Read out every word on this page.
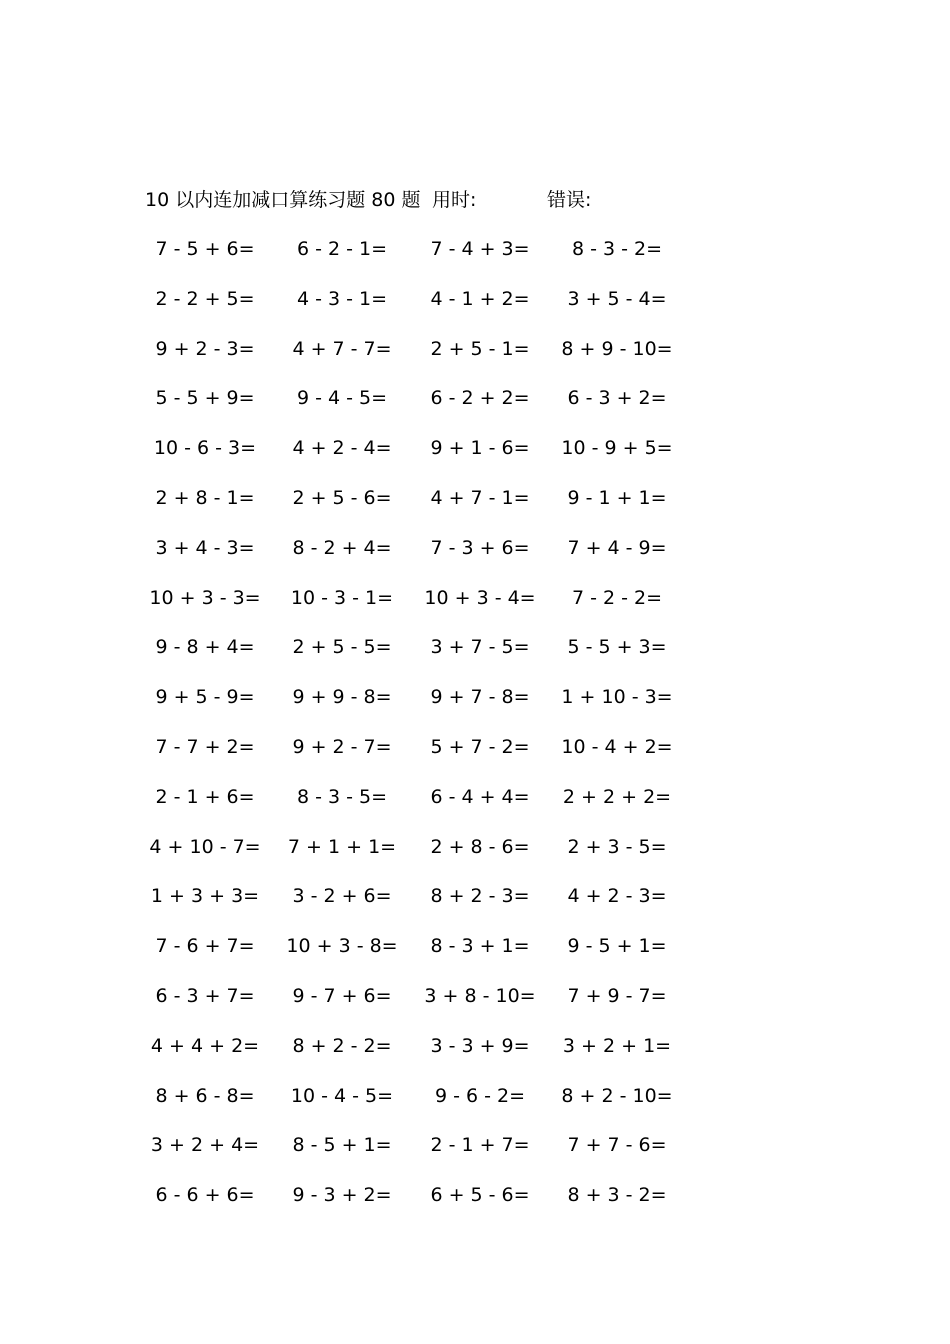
10 以内连加减口算练习题 80 题 用时:	错误:
7 - 5 + 6=	6 - 2 - 1=	7 - 4 + 3=	8 - 3 - 2=
2 - 2 + 5=	4 - 3 - 1=	4 - 1 + 2=	3 + 5 - 4=
9 + 2 - 3=	4 + 7 - 7=	2 + 5 - 1=	8 + 9 - 10=
5 - 5 + 9=	9 - 4 - 5=	6 - 2 + 2=	6 - 3 + 2=
10 - 6 - 3=	4 + 2 - 4=	9 + 1 - 6=	10 - 9 + 5=
2 + 8 - 1=	2 + 5 - 6=	4 + 7 - 1=	9 - 1 + 1=
3 + 4 - 3=	8 - 2 + 4=	7 - 3 + 6=	7 + 4 - 9=
10 + 3 - 3=	10 - 3 - 1=	10 + 3 - 4=	7 - 2 - 2=
9 - 8 + 4=	2 + 5 - 5=	3 + 7 - 5=	5 - 5 + 3=
9 + 5 - 9=	9 + 9 - 8=	9 + 7 - 8=	1 + 10 - 3=
7 - 7 + 2=	9 + 2 - 7=	5 + 7 - 2=	10 - 4 + 2=
2 - 1 + 6=	8 - 3 - 5=	6 - 4 + 4=	2 + 2 + 2=
4 + 10 - 7=	7 + 1 + 1=	2 + 8 - 6=	2 + 3 - 5=
1 + 3 + 3=	3 - 2 + 6=	8 + 2 - 3=	4 + 2 - 3=
7 - 6 + 7=	10 + 3 - 8=	8 - 3 + 1=	9 - 5 + 1=
6 - 3 + 7=	9 - 7 + 6=	3 + 8 - 10=	7 + 9 - 7=
4 + 4 + 2=	8 + 2 - 2=	3 - 3 + 9=	3 + 2 + 1=
8 + 6 - 8=	10 - 4 - 5=	9 - 6 - 2=	8 + 2 - 10=
3 + 2 + 4=	8 - 5 + 1=	2 - 1 + 7=	7 + 7 - 6=
6 - 6 + 6=	9 - 3 + 2=	6 + 5 - 6=	8 + 3 - 2=
